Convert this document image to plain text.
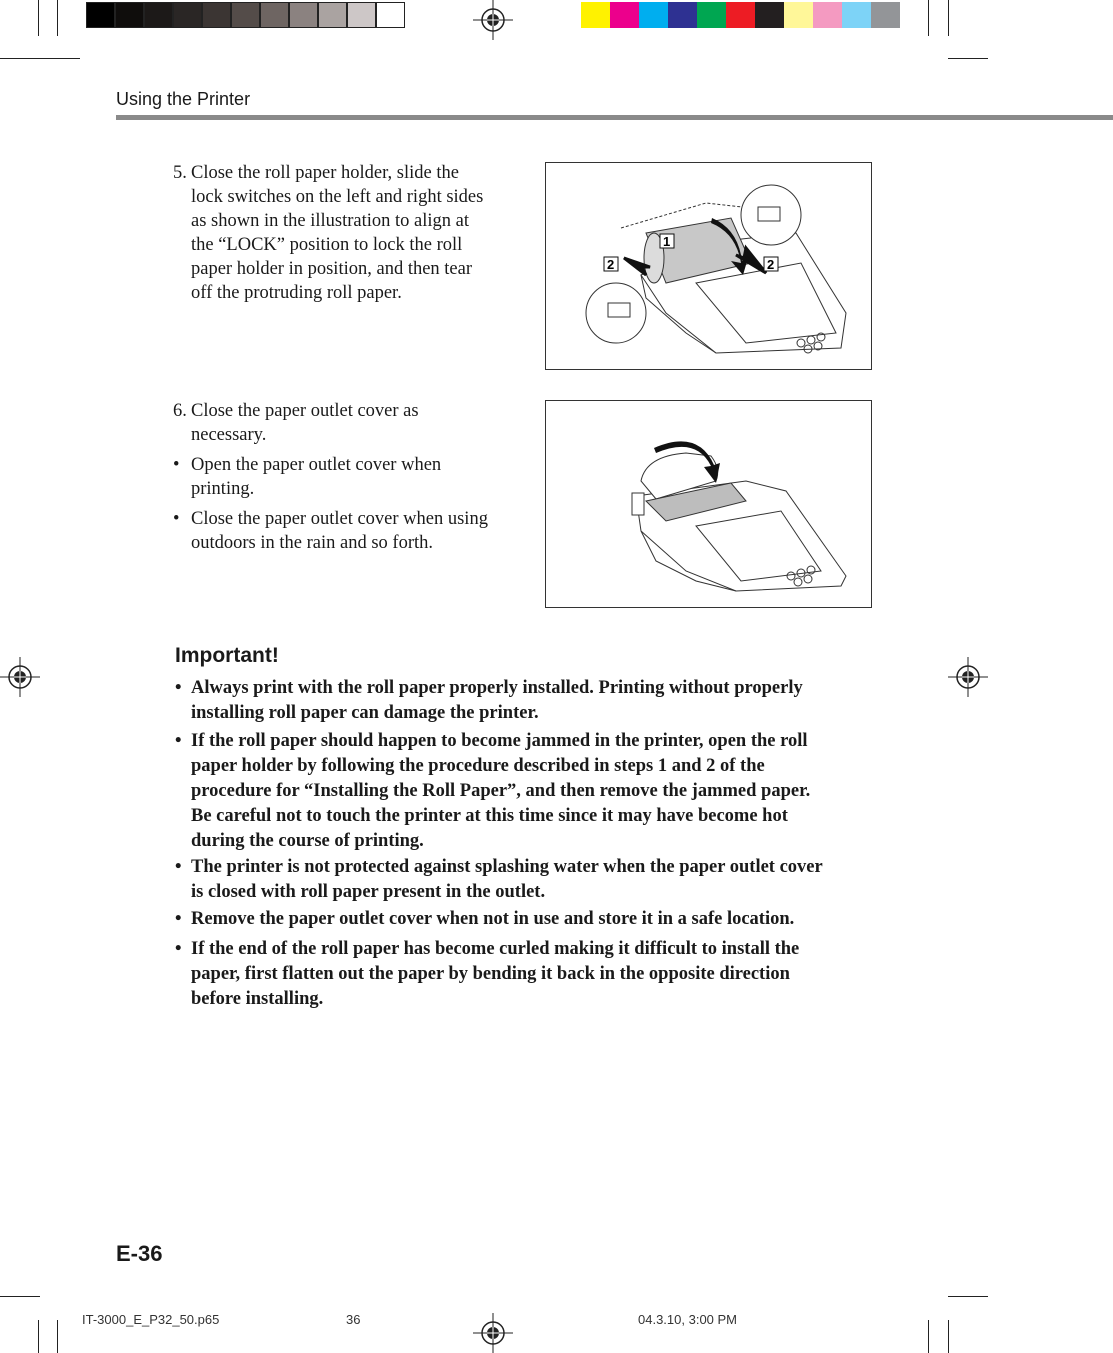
Using the Printer
5. Close the roll paper holder, slide the
lock switches on the left and right sides
as shown in the illustration to align at
the “LOCK” position to lock the roll
paper holder in position, and then tear
off the protruding roll paper.
1
2	2
6. Close the paper outlet cover as
necessary.
• Open the paper outlet cover when
printing.
• Close the paper outlet cover when using
outdoors in the rain and so forth.
Important!
• Always print with the roll paper properly installed. Printing without properly
installing roll paper can damage the printer.
• If the roll paper should happen to become jammed in the printer, open the roll
paper holder by following the procedure described in steps 1 and 2 of the
procedure for “Installing the Roll Paper”, and then remove the jammed paper.
Be careful not to touch the printer at this time since it may have become hot
during the course of printing.
• The printer is not protected against splashing water when the paper outlet cover
is closed with roll paper present in the outlet.
• Remove the paper outlet cover when not in use and store it in a safe location.
• If the end of the roll paper has become curled making it difficult to install the
paper, first flatten out the paper by bending it back in the opposite direction
before installing.
E-36
IT-3000_E_P32_50.p65	36	04.3.10, 3:00 PM
